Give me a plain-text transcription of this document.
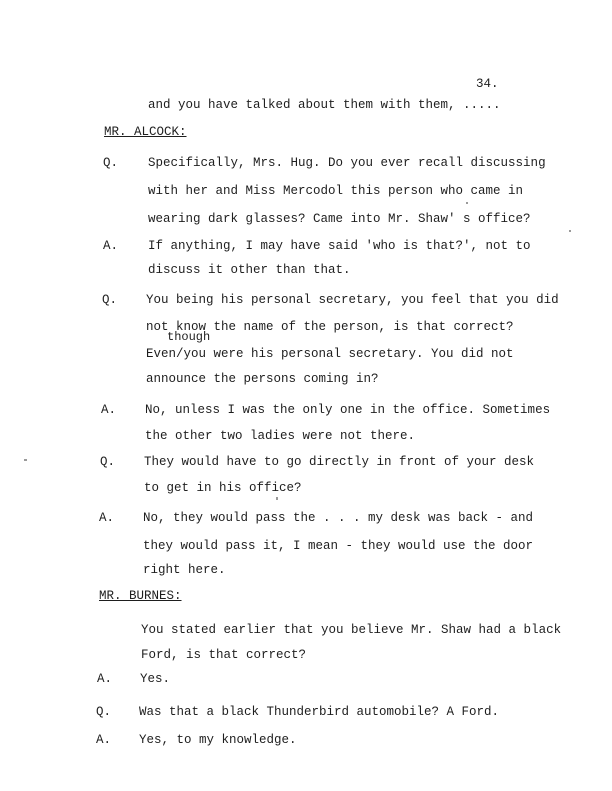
34.
and you have talked about them with them, .....
MR. ALCOCK:
Q. Specifically, Mrs. Hug. Do you ever recall discussing
with her and Miss Mercodol this person who came in
wearing dark glasses? Came into Mr. Shaw' s office?
A. If anything, I may have said 'who is that?', not to
discuss it other than that.
Q. You being his personal secretary, you feel that you did
not know the name of the person, is that correct?
though
Even/you were his personal secretary. You did not
announce the persons coming in?
A. No, unless I was the only one in the office. Sometimes
the other two ladies were not there.
Q. They would have to go directly in front of your desk
to get in his office?
A. No, they would pass the . . . my desk was back - and
they would pass it, I mean - they would use the door
right here.
MR. BURNES:
You stated earlier that you believe Mr. Shaw had a black
Ford, is that correct?
A. Yes.
Q. Was that a black Thunderbird automobile? A Ford.
A. Yes, to my knowledge.
